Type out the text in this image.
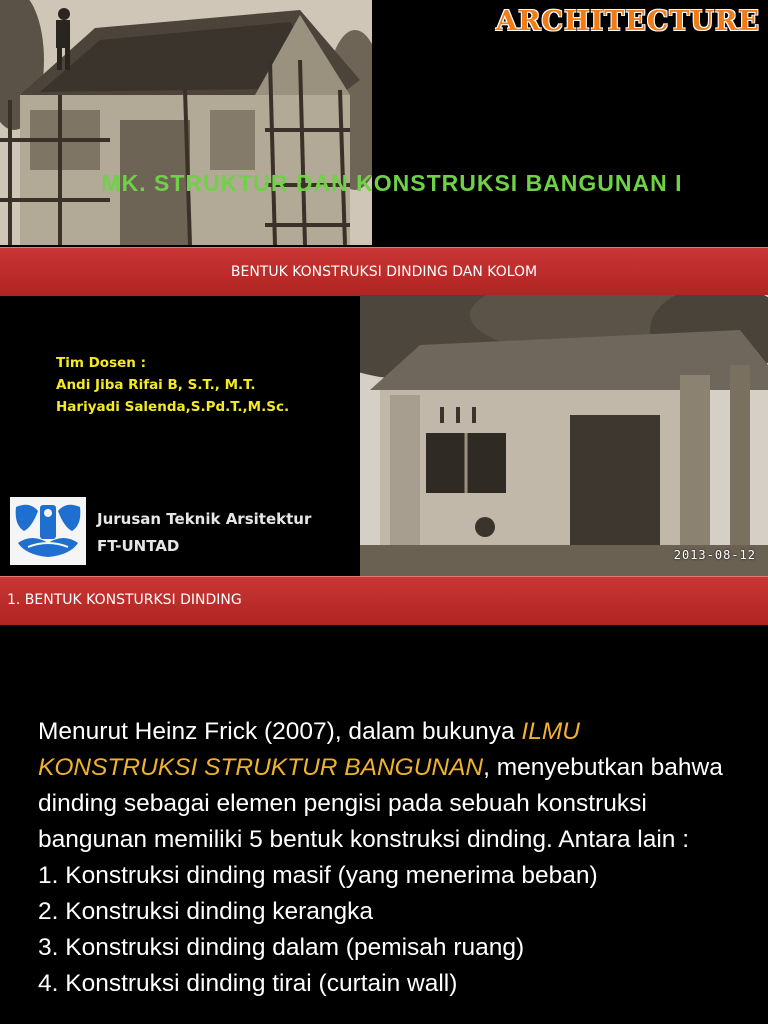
ARCHITECTURE
MK. STRUKTUR DAN KONSTRUKSI BANGUNAN I
BENTUK KONSTRUKSI DINDING DAN KOLOM
Tim Dosen :
Andi Jiba Rifai B, S.T., M.T.
Hariyadi Salenda,S.Pd.T.,M.Sc.
Jurusan Teknik Arsitektur
FT-UNTAD	2013-08-12
1. BENTUK KONSTURKSI DINDING
Menurut Heinz Frick (2007), dalam bukunya ILMU KONSTRUKSI STRUKTUR BANGUNAN, menyebutkan bahwa dinding sebagai elemen pengisi pada sebuah konstruksi bangunan memiliki 5 bentuk konstruksi dinding. Antara lain :
1. Konstruksi dinding masif (yang menerima beban)
2. Konstruksi dinding kerangka
3. Konstruksi dinding dalam (pemisah ruang)
4. Konstruksi dinding tirai (curtain wall)
